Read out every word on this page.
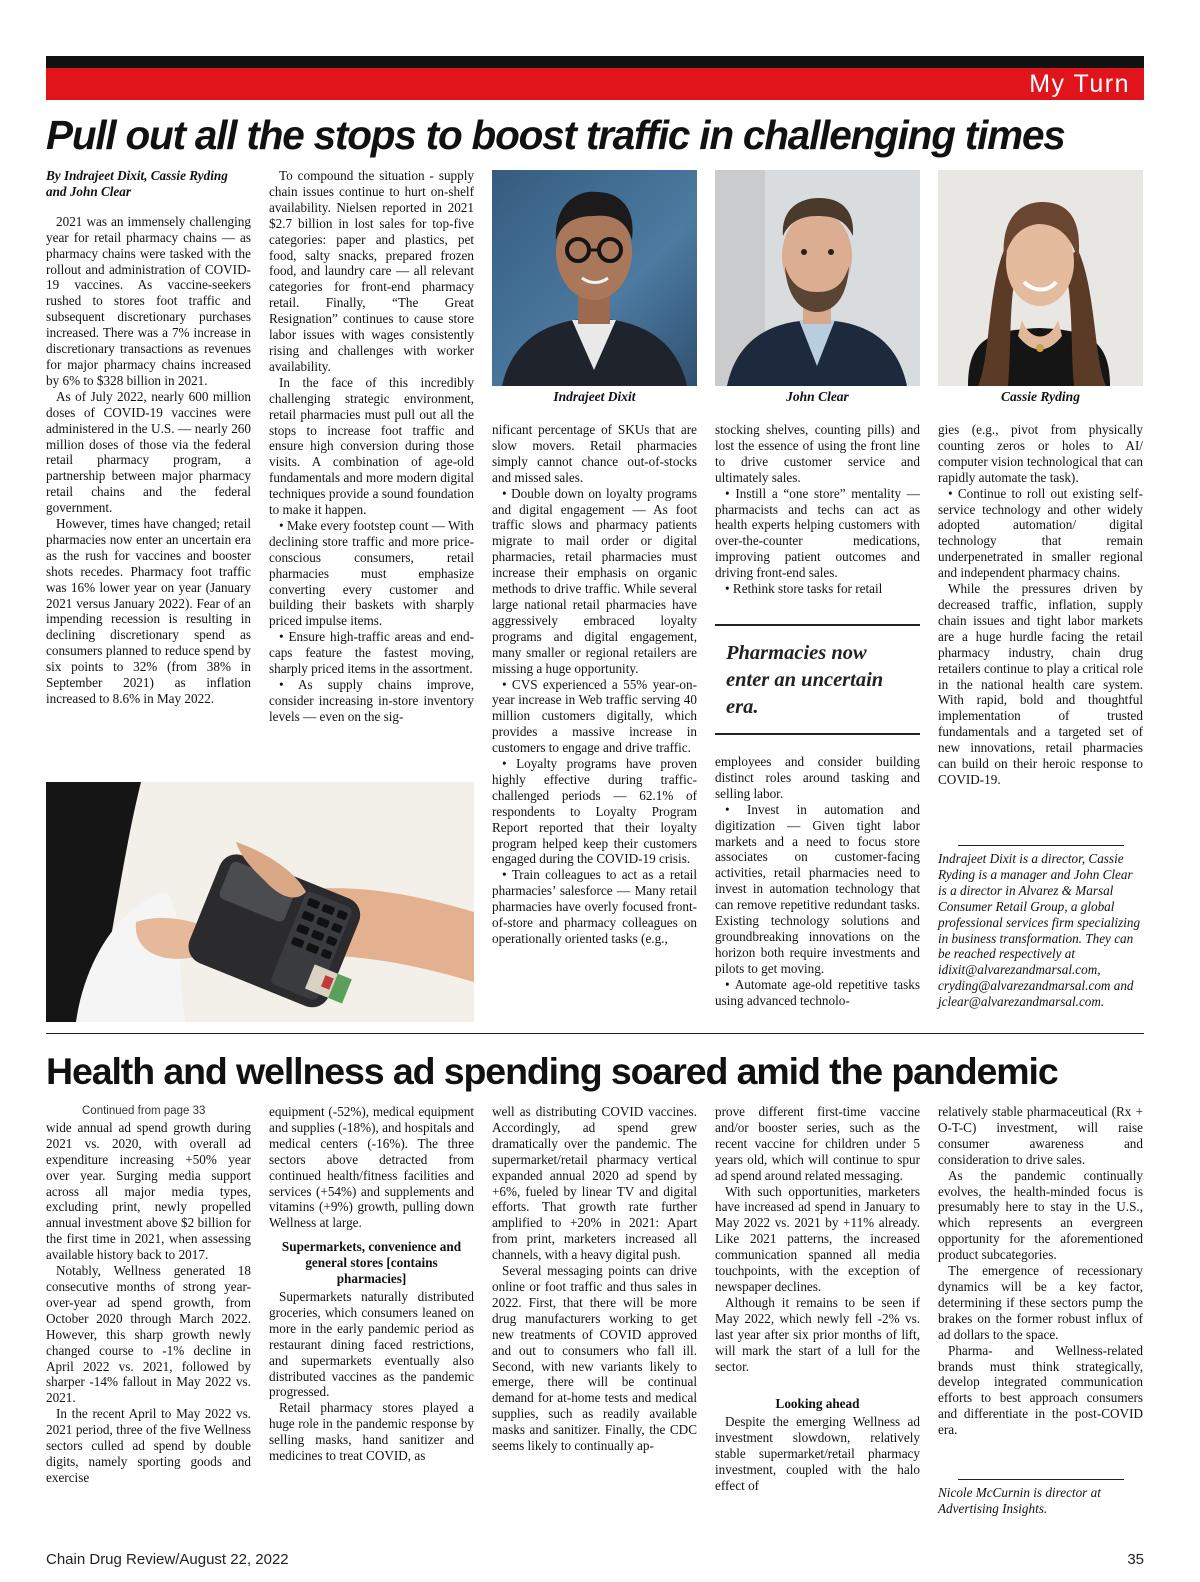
My Turn
Pull out all the stops to boost traffic in challenging times

By Indrajeet Dixit, Cassie Ryding and John Clear

2021 was an immensely challenging year for retail pharmacy chains — as pharmacy chains were tasked with the rollout and administration of COVID-19 vaccines. As vaccine-seekers rushed to stores foot traffic and subsequent discretionary purchases increased. There was a 7% increase in discretionary transactions as revenues for major pharmacy chains increased by 6% to $328 billion in 2021.

As of July 2022, nearly 600 million doses of COVID-19 vaccines were administered in the U.S. — nearly 260 million doses of those via the federal retail pharmacy program, a partnership between major pharmacy retail chains and the federal government.

However, times have changed; retail pharmacies now enter an uncertain era as the rush for vaccines and booster shots recedes. Pharmacy foot traffic was 16% lower year on year (January 2021 versus January 2022). Fear of an impending recession is resulting in declining discretionary spend as consumers planned to reduce spend by six points to 32% (from 38% in September 2021) as inflation increased to 8.6% in May 2022.

To compound the situation - supply chain issues continue to hurt on-shelf availability. Nielsen reported in 2021 $2.7 billion in lost sales for top-five categories: paper and plastics, pet food, salty snacks, prepared frozen food, and laundry care — all relevant categories for front-end pharmacy retail. Finally, “The Great Resignation” continues to cause store labor issues with wages consistently rising and challenges with worker availability.

In the face of this incredibly challenging strategic environment, retail pharmacies must pull out all the stops to increase foot traffic and ensure high conversion during those visits. A combination of age-old fundamentals and more modern digital techniques provide a sound foundation to make it happen.

• Make every footstep count — With declining store traffic and more price-conscious consumers, retail pharmacies must emphasize converting every customer and building their baskets with sharply priced impulse items.

• Ensure high-traffic areas and end-caps feature the fastest moving, sharply priced items in the assortment.

• As supply chains improve, consider increasing in-store inventory levels — even on the sig-

Indrajeet Dixit	John Clear	Cassie Ryding

nificant percentage of SKUs that are slow movers. Retail pharmacies simply cannot chance out-of-stocks and missed sales.

• Double down on loyalty programs and digital engagement — As foot traffic slows and pharmacy patients migrate to mail order or digital pharmacies, retail pharmacies must increase their emphasis on organic methods to drive traffic. While several large national retail pharmacies have aggressively embraced loyalty programs and digital engagement, many smaller or regional retailers are missing a huge opportunity.

• CVS experienced a 55% year-on-year increase in Web traffic serving 40 million customers digitally, which provides a massive increase in customers to engage and drive traffic.

• Loyalty programs have proven highly effective during traffic-challenged periods — 62.1% of respondents to Loyalty Program Report reported that their loyalty program helped keep their customers engaged during the COVID-19 crisis.

• Train colleagues to act as a retail pharmacies’ salesforce — Many retail pharmacies have overly focused front-of-store and pharmacy colleagues on operationally oriented tasks (e.g.,

stocking shelves, counting pills) and lost the essence of using the front line to drive customer service and ultimately sales.

• Instill a “one store” mentality — pharmacists and techs can act as health experts helping customers with over-the-counter medications, improving patient outcomes and driving front-end sales.

• Rethink store tasks for retail

Pharmacies now enter an uncertain era.

employees and consider building distinct roles around tasking and selling labor.

• Invest in automation and digitization — Given tight labor markets and a need to focus store associates on customer-facing activities, retail pharmacies need to invest in automation technology that can remove repetitive redundant tasks. Existing technology solutions and groundbreaking innovations on the horizon both require investments and pilots to get moving.

• Automate age-old repetitive tasks using advanced technolo-

gies (e.g., pivot from physically counting zeros or holes to AI/ computer vision technological that can rapidly automate the task).

• Continue to roll out existing self-service technology and other widely adopted automation/ digital technology that remain underpenetrated in smaller regional and independent pharmacy chains.

While the pressures driven by decreased traffic, inflation, supply chain issues and tight labor markets are a huge hurdle facing the retail pharmacy industry, chain drug retailers continue to play a critical role in the national health care system. With rapid, bold and thoughtful implementation of trusted fundamentals and a targeted set of new innovations, retail pharmacies can build on their heroic response to COVID-19.

Indrajeet Dixit is a director, Cassie Ryding is a manager and John Clear is a director in Alvarez & Marsal Consumer Retail Group, a global professional services firm specializing in business transformation. They can be reached respectively at idixit@alvarezandmarsal.com, cryding@alvarezandmarsal.com and jclear@alvarezandmarsal.com.

Health and wellness ad spending soared amid the pandemic

Continued from page 33

wide annual ad spend growth during 2021 vs. 2020, with overall ad expenditure increasing +50% year over year. Surging media support across all major media types, excluding print, newly propelled annual investment above $2 billion for the first time in 2021, when assessing available history back to 2017.

Notably, Wellness generated 18 consecutive months of strong year-over-year ad spend growth, from October 2020 through March 2022. However, this sharp growth newly changed course to -1% decline in April 2022 vs. 2021, followed by sharper -14% fallout in May 2022 vs. 2021.

In the recent April to May 2022 vs. 2021 period, three of the five Wellness sectors culled ad spend by double digits, namely sporting goods and exercise

equipment (-52%), medical equipment and supplies (-18%), and hospitals and medical centers (-16%). The three sectors above detracted from continued health/fitness facilities and services (+54%) and supplements and vitamins (+9%) growth, pulling down Wellness at large.

Supermarkets, convenience and general stores [contains pharmacies]

Supermarkets naturally distributed groceries, which consumers leaned on more in the early pandemic period as restaurant dining faced restrictions, and supermarkets eventually also distributed vaccines as the pandemic progressed.

Retail pharmacy stores played a huge role in the pandemic response by selling masks, hand sanitizer and medicines to treat COVID, as

well as distributing COVID vaccines. Accordingly, ad spend grew dramatically over the pandemic. The supermarket/retail pharmacy vertical expanded annual 2020 ad spend by +6%, fueled by linear TV and digital efforts. That growth rate further amplified to +20% in 2021: Apart from print, marketers increased all channels, with a heavy digital push.

Several messaging points can drive online or foot traffic and thus sales in 2022. First, that there will be more drug manufacturers working to get new treatments of COVID approved and out to consumers who fall ill. Second, with new variants likely to emerge, there will be continual demand for at-home tests and medical supplies, such as readily available masks and sanitizer. Finally, the CDC seems likely to continually ap-

prove different first-time vaccine and/or booster series, such as the recent vaccine for children under 5 years old, which will continue to spur ad spend around related messaging.

With such opportunities, marketers have increased ad spend in January to May 2022 vs. 2021 by +11% already. Like 2021 patterns, the increased communication spanned all media touchpoints, with the exception of newspaper declines.

Although it remains to be seen if May 2022, which newly fell -2% vs. last year after six prior months of lift, will mark the start of a lull for the sector.

Looking ahead

Despite the emerging Wellness ad investment slowdown, relatively stable supermarket/retail pharmacy investment, coupled with the halo effect of

relatively stable pharmaceutical (Rx + O-T-C) investment, will raise consumer awareness and consideration to drive sales.

As the pandemic continually evolves, the health-minded focus is presumably here to stay in the U.S., which represents an evergreen opportunity for the aforementioned product subcategories.

The emergence of recessionary dynamics will be a key factor, determining if these sectors pump the brakes on the former robust influx of ad dollars to the space.

Pharma- and Wellness-related brands must think strategically, develop integrated communication efforts to best approach consumers and differentiate in the post-COVID era.

Nicole McCurnin is director at Advertising Insights.

Chain Drug Review/August 22, 2022	35
